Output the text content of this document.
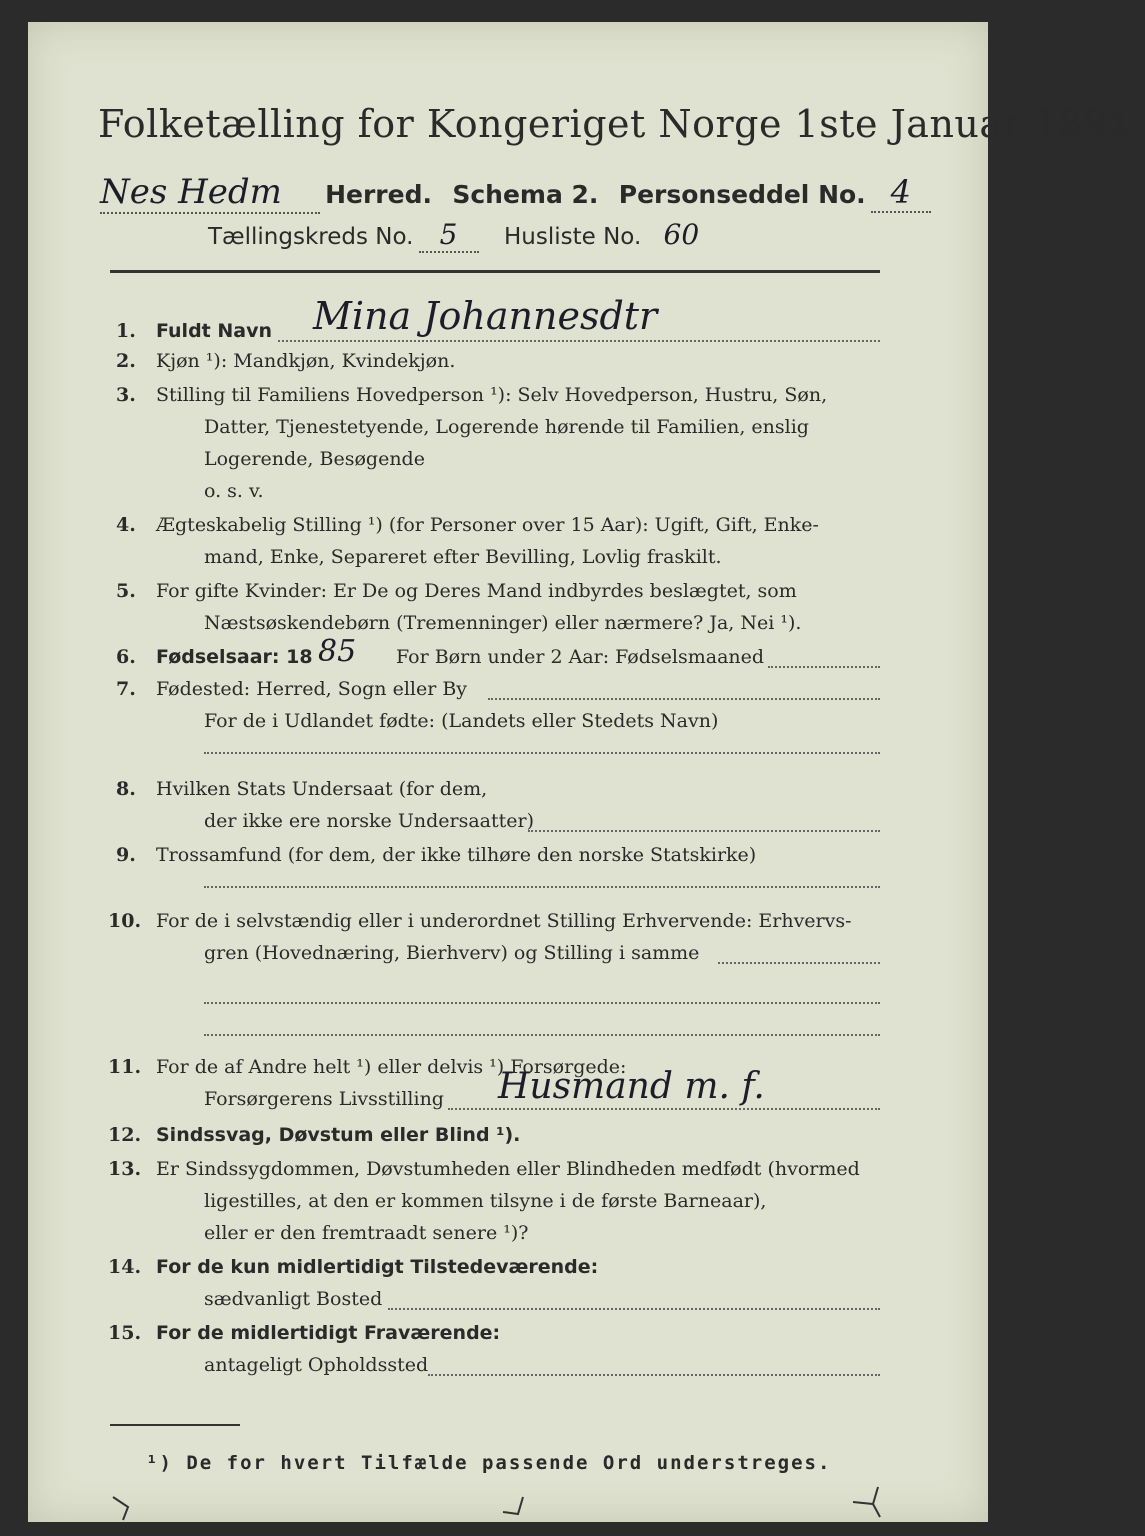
Folketælling for Kongeriget Norge 1ste Januar 1891.
Nes Hedm Herred. Schema 2. Personseddel No. 4
Tællingskreds No. 5 Husliste No. 60
1. Fuldt Navn Mina Johannesdtr
2. Kjøn ¹): Mandkjøn, Kvindekjøn.
3. Stilling til Familiens Hovedperson ¹): Selv Hovedperson, Hustru, Søn,
Datter, Tjenestetyende, Logerende hørende til Familien, enslig
Logerende, Besøgende
o. s. v.
4. Ægteskabelig Stilling ¹) (for Personer over 15 Aar): Ugift, Gift, Enke-
mand, Enke, Separeret efter Bevilling, Lovlig fraskilt.
5. For gifte Kvinder: Er De og Deres Mand indbyrdes beslægtet, som
Næstsøskendebørn (Tremenninger) eller nærmere? Ja, Nei ¹).
6. Fødselsaar: 18 85 For Børn under 2 Aar: Fødselsmaaned
7. Fødested: Herred, Sogn eller By
For de i Udlandet fødte: (Landets eller Stedets Navn)
8. Hvilken Stats Undersaat (for dem,
der ikke ere norske Undersaatter)
9. Trossamfund (for dem, der ikke tilhøre den norske Statskirke)
10. For de i selvstændig eller i underordnet Stilling Erhvervende: Erhvervs-
gren (Hovednæring, Bierhverv) og Stilling i samme
11. For de af Andre helt ¹) eller delvis ¹) Forsørgede:
Forsørgerens Livsstilling Husmand m. f.
12. Sindssvag, Døvstum eller Blind ¹).
13. Er Sindssygdommen, Døvstumheden eller Blindheden medfødt (hvormed
ligestilles, at den er kommen tilsyne i de første Barneaar),
eller er den fremtraadt senere ¹)?
14. For de kun midlertidigt Tilstedeværende:
sædvanligt Bosted
15. For de midlertidigt Fraværende:
antageligt Opholdssted
¹) De for hvert Tilfælde passende Ord understreges.
